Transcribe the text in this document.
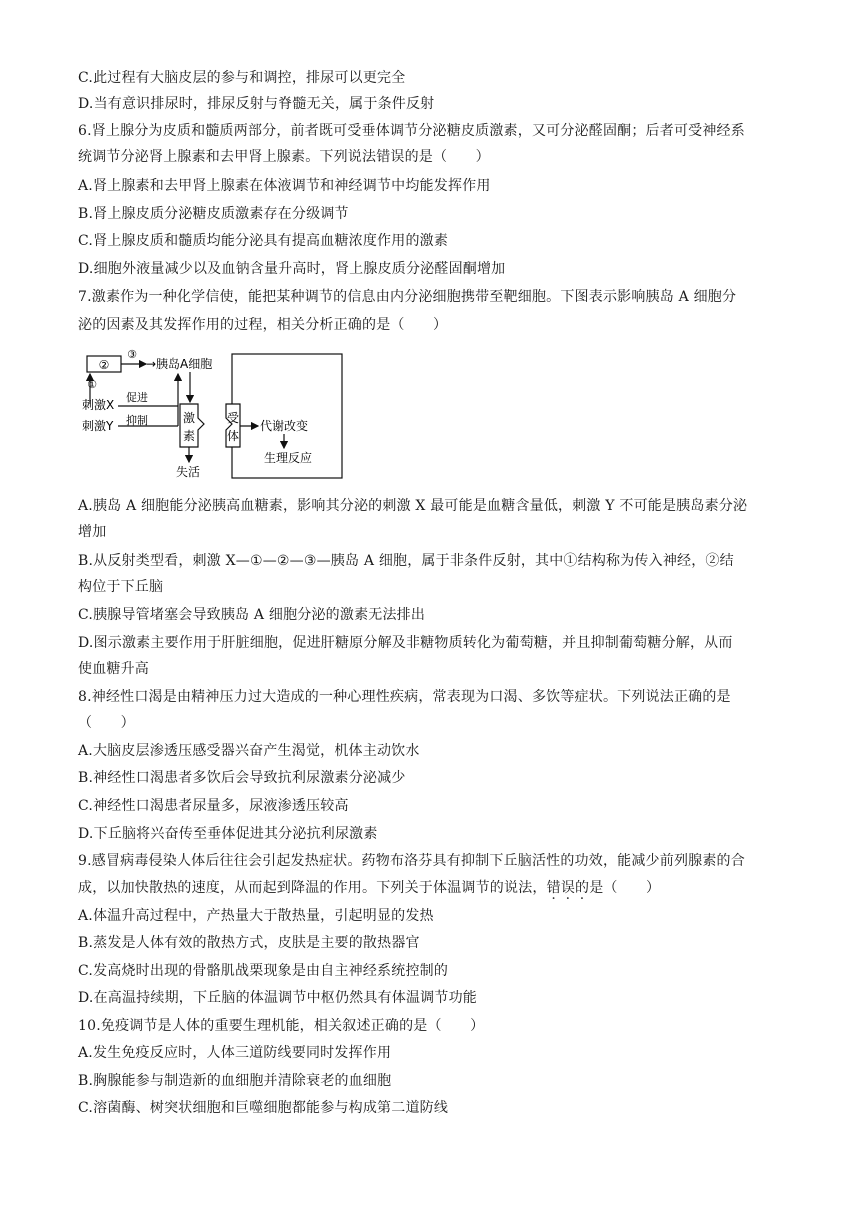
C.此过程有大脑皮层的参与和调控，排尿可以更完全
D.当有意识排尿时，排尿反射与脊髓无关，属于条件反射
6.肾上腺分为皮质和髓质两部分，前者既可受垂体调节分泌糖皮质激素，又可分泌醛固酮；后者可受神经系
统调节分泌肾上腺素和去甲肾上腺素。下列说法错误的是（　　）
A.肾上腺素和去甲肾上腺素在体液调节和神经调节中均能发挥作用
B.肾上腺皮质分泌糖皮质激素存在分级调节
C.肾上腺皮质和髓质均能分泌具有提高血糖浓度作用的激素
D.细胞外液量减少以及血钠含量升高时，肾上腺皮质分泌醛固酮增加
7.激素作为一种化学信使，能把某种调节的信息由内分泌细胞携带至靶细胞。下图表示影响胰岛 A 细胞分
泌的因素及其发挥作用的过程，相关分析正确的是（　　）
②
③
→胰岛A细胞
①
刺激X
促进
刺激Y 抑制	激
素
失活
受
体
代谢改变
生理反应
A.胰岛 A 细胞能分泌胰高血糖素，影响其分泌的刺激 X 最可能是血糖含量低，刺激 Y 不可能是胰岛素分泌
增加
B.从反射类型看，刺激 X—①—②—③—胰岛 A 细胞，属于非条件反射，其中①结构称为传入神经，②结
构位于下丘脑
C.胰腺导管堵塞会导致胰岛 A 细胞分泌的激素无法排出
D.图示激素主要作用于肝脏细胞，促进肝糖原分解及非糖物质转化为葡萄糖，并且抑制葡萄糖分解，从而
使血糖升高
8.神经性口渴是由精神压力过大造成的一种心理性疾病，常表现为口渴、多饮等症状。下列说法正确的是
（　　）
A.大脑皮层渗透压感受器兴奋产生渴觉，机体主动饮水
B.神经性口渴患者多饮后会导致抗利尿激素分泌减少
C.神经性口渴患者尿量多，尿液渗透压较高
D.下丘脑将兴奋传至垂体促进其分泌抗利尿激素
9.感冒病毒侵染人体后往往会引起发热症状。药物布洛芬具有抑制下丘脑活性的功效，能减少前列腺素的合
成，以加快散热的速度，从而起到降温的作用。下列关于体温调节的说法，错误的是（　　）
A.体温升高过程中，产热量大于散热量，引起明显的发热
B.蒸发是人体有效的散热方式，皮肤是主要的散热器官
C.发高烧时出现的骨骼肌战栗现象是由自主神经系统控制的
D.在高温持续期，下丘脑的体温调节中枢仍然具有体温调节功能
10.免疫调节是人体的重要生理机能，相关叙述正确的是（　　）
A.发生免疫反应时，人体三道防线要同时发挥作用
B.胸腺能参与制造新的血细胞并清除衰老的血细胞
C.溶菌酶、树突状细胞和巨噬细胞都能参与构成第二道防线
